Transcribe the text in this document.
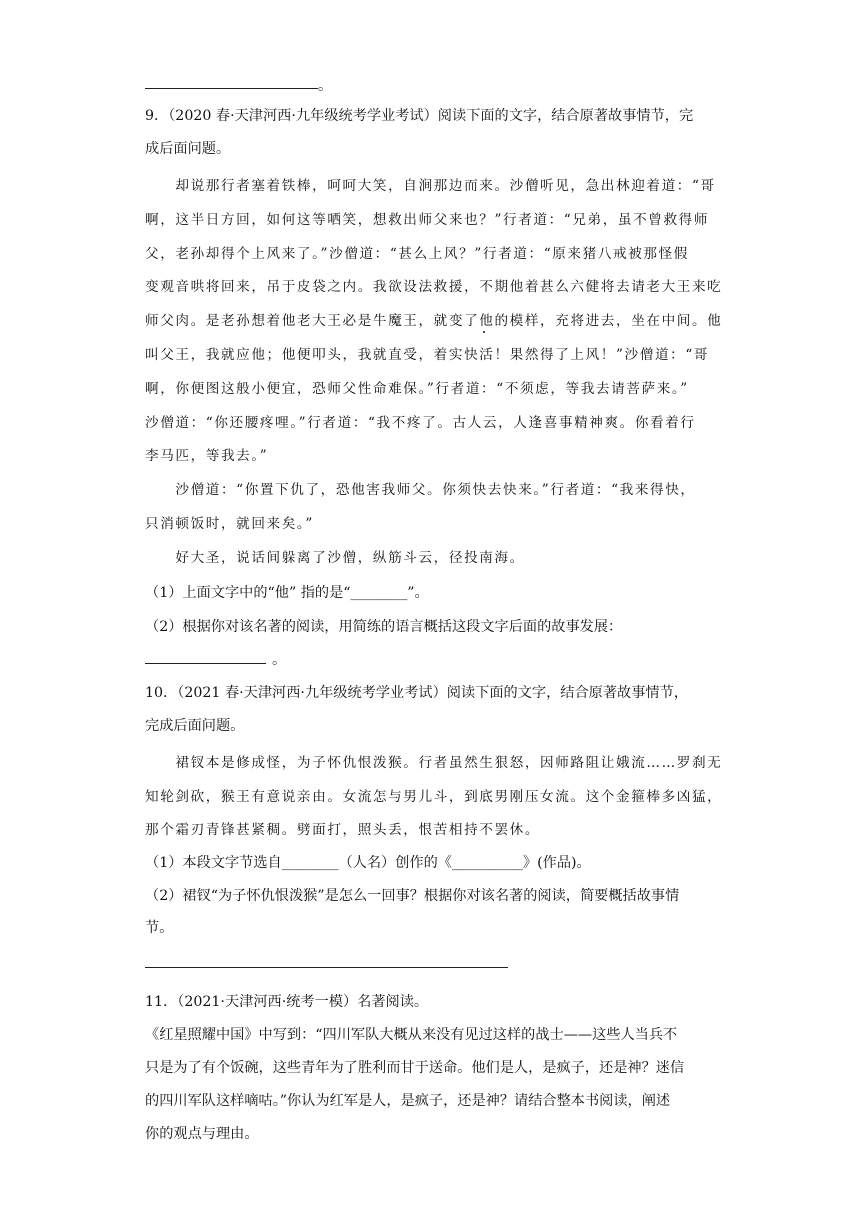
。
9．（2020 春·天津河西·九年级统考学业考试）阅读下面的文字，结合原著故事情节，完
成后面问题。
　　却说那行者塞着铁棒，呵呵大笑，自涧那边而来。沙僧听见，急出林迎着道：“哥
啊，这半日方回，如何这等哂笑，想救出师父来也？”行者道：“兄弟，虽不曾救得师
父，老孙却得个上风来了。”沙僧道：“甚么上风？”行者道：“原来猪八戒被那怪假
变观音哄将回来，吊于皮袋之内。我欲设法救援，不期他着甚么六健将去请老大王来吃
师父肉。是老孙想着他老大王必是牛魔王，就变了他的模样，充将进去，坐在中间。他
叫父王，我就应他；他便叩头，我就直受，着实快活！果然得了上风！”沙僧道：“哥
啊，你便图这般小便宜，恐师父性命难保。”行者道：“不须虑，等我去请菩萨来。”
沙僧道：“你还腰疼哩。”行者道：“我不疼了。古人云，人逢喜事精神爽。你看着行
李马匹，等我去。”
　　沙僧道：“你置下仇了，恐他害我师父。你须快去快来。”行者道：“我来得快，
只消顿饭时，就回来矣。”
　　好大圣，说话间躲离了沙僧，纵筋斗云，径投南海。
（1）上面文字中的“他” 指的是“________”。
（2）根据你对该名著的阅读，用简练的语言概括这段文字后面的故事发展：
。
10．（2021 春·天津河西·九年级统考学业考试）阅读下面的文字，结合原著故事情节，
完成后面问题。
　　裙钗本是修成怪，为子怀仇恨泼猴。行者虽然生狠怒，因师路阻让娥流……罗刹无
知轮剑砍，猴王有意说亲由。女流怎与男儿斗，到底男刚压女流。这个金箍棒多凶猛，
那个霜刃青锋甚紧稠。劈面打，照头丢，恨苦相持不罢休。
（1）本段文字节选自________（人名）创作的《__________》(作品)。
（2）裙钗“为子怀仇恨泼猴”是怎么一回事？根据你对该名著的阅读，简要概括故事情
节。
11．（2021·天津河西·统考一模）名著阅读。
《红星照耀中国》中写到：“四川军队大概从来没有见过这样的战士——这些人当兵不
只是为了有个饭碗，这些青年为了胜利而甘于送命。他们是人，是疯子，还是神？迷信
的四川军队这样嘀咕。”你认为红军是人，是疯子，还是神？请结合整本书阅读，阐述
你的观点与理由。
